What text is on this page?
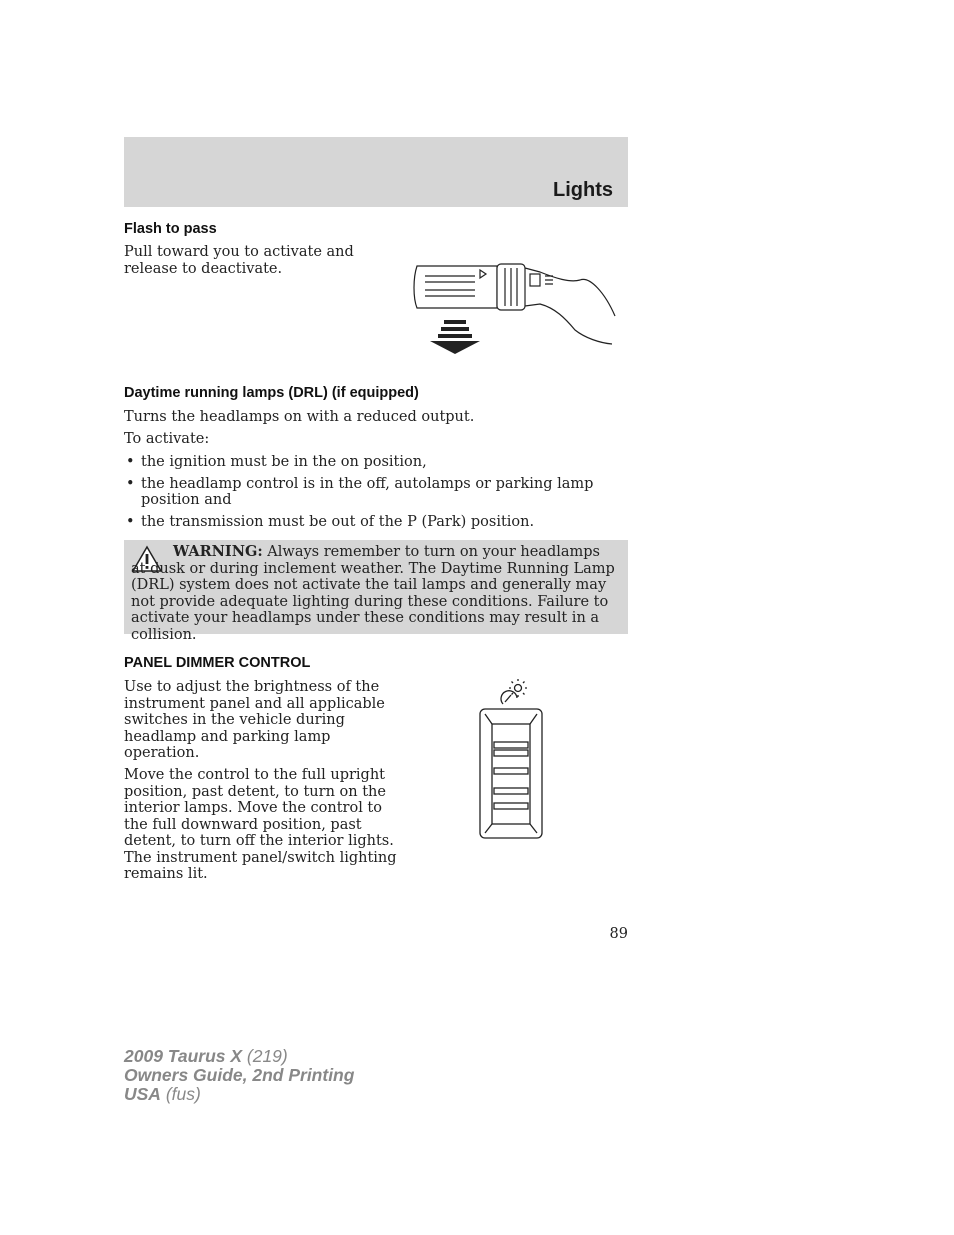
Lights
Flash to pass
Pull toward you to activate and
release to deactivate.
Daytime running lamps (DRL) (if equipped)
Turns the headlamps on with a reduced output.
To activate:
• the ignition must be in the on position,
• the headlamp control is in the off, autolamps or parking lamp position and
• the transmission must be out of the P (Park) position.
WARNING: Always remember to turn on your headlamps at dusk or during inclement weather. The Daytime Running Lamp (DRL) system does not activate the tail lamps and generally may not provide adequate lighting during these conditions. Failure to activate your headlamps under these conditions may result in a collision.
PANEL DIMMER CONTROL
Use to adjust the brightness of the
instrument panel and all applicable
switches in the vehicle during
headlamp and parking lamp
operation.
Move the control to the full upright
position, past detent, to turn on the
interior lamps. Move the control to
the full downward position, past
detent, to turn off the interior lights.
The instrument panel/switch lighting
remains lit.
89
2009 Taurus X (219)
Owners Guide, 2nd Printing
USA (fus)
